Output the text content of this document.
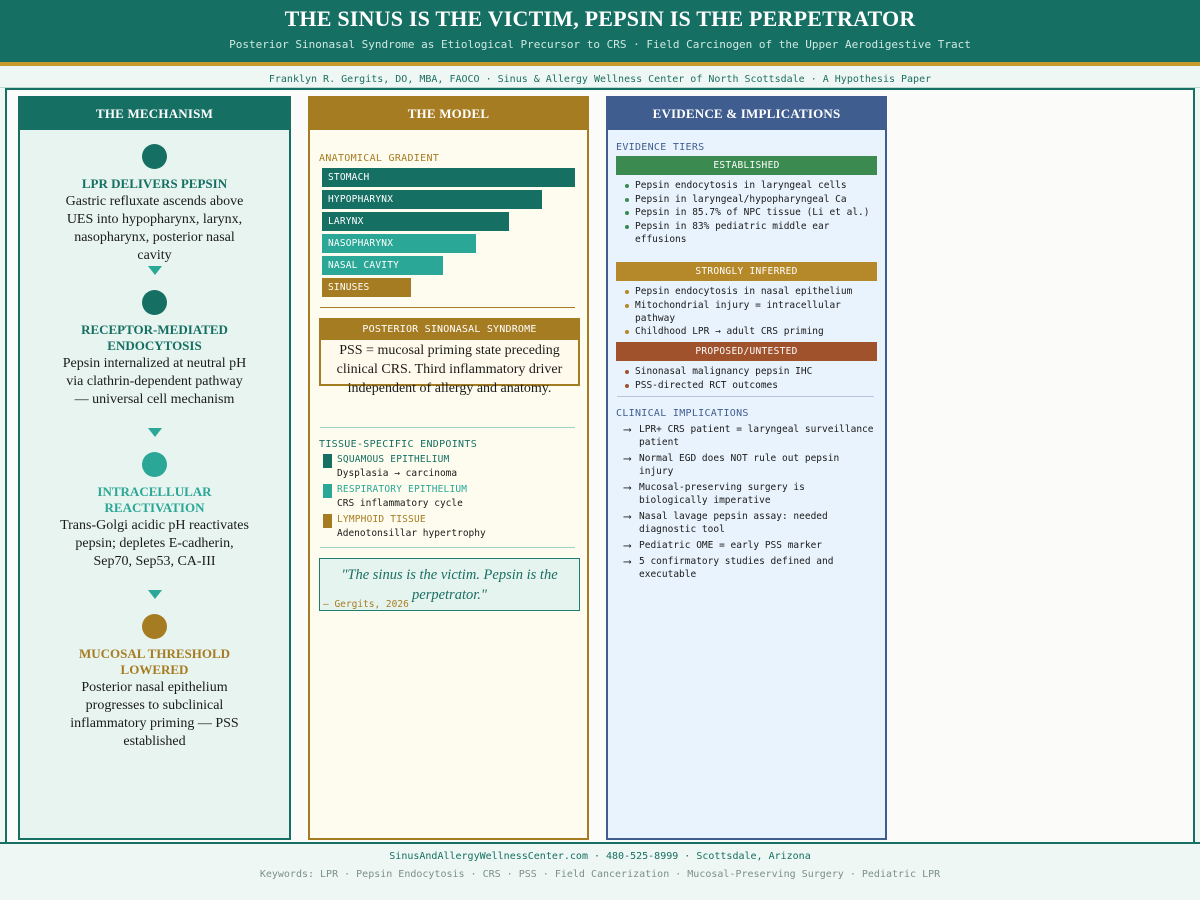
THE SINUS IS THE VICTIM, PEPSIN IS THE PERPETRATOR
Posterior Sinonasal Syndrome as Etiological Precursor to CRS · Field Carcinogen of the Upper Aerodigestive Tract
Franklyn R. Gergits, DO, MBA, FAOCO · Sinus & Allergy Wellness Center of North Scottsdale · A Hypothesis Paper
THE MECHANISM
LPR DELIVERS PEPSIN
Gastric refluxate ascends above UES into hypopharynx, larynx, nasopharynx, posterior nasal cavity
RECEPTOR-MEDIATED ENDOCYTOSIS
Pepsin internalized at neutral pH via clathrin-dependent pathway — universal cell mechanism
INTRACELLULAR REACTIVATION
Trans-Golgi acidic pH reactivates pepsin; depletes E-cadherin, Sep70, Sep53, CA-III
MUCOSAL THRESHOLD LOWERED
Posterior nasal epithelium progresses to subclinical inflammatory priming — PSS established
THE MODEL
ANATOMICAL GRADIENT
STOMACH
HYPOPHARYNX
LARYNX
NASOPHARYNX
NASAL CAVITY
SINUSES
POSTERIOR SINONASAL SYNDROME
PSS = mucosal priming state preceding clinical CRS. Third inflammatory driver independent of allergy and anatomy.
TISSUE-SPECIFIC ENDPOINTS
SQUAMOUS EPITHELIUM
Dysplasia → carcinoma
RESPIRATORY EPITHELIUM
CRS inflammatory cycle
LYMPHOID TISSUE
Adenotonsillar hypertrophy
"The sinus is the victim. Pepsin is the perpetrator."
— Gergits, 2026
EVIDENCE & IMPLICATIONS
EVIDENCE TIERS
ESTABLISHED
Pepsin endocytosis in laryngeal cells
Pepsin in laryngeal/hypopharyngeal Ca
Pepsin in 85.7% of NPC tissue (Li et al.)
Pepsin in 83% pediatric middle ear effusions
STRONGLY INFERRED
Pepsin endocytosis in nasal epithelium
Mitochondrial injury = intracellular pathway
Childhood LPR → adult CRS priming
PROPOSED/UNTESTED
Sinonasal malignancy pepsin IHC
PSS-directed RCT outcomes
CLINICAL IMPLICATIONS
⟶ LPR+ CRS patient = laryngeal surveillance patient
⟶ Normal EGD does NOT rule out pepsin injury
⟶ Mucosal-preserving surgery is biologically imperative
⟶ Nasal lavage pepsin assay: needed diagnostic tool
⟶ Pediatric OME = early PSS marker
⟶ 5 confirmatory studies defined and executable
SinusAndAllergyWellnessCenter.com · 480-525-8999 · Scottsdale, Arizona
Keywords: LPR · Pepsin Endocytosis · CRS · PSS · Field Cancerization · Mucosal-Preserving Surgery · Pediatric LPR
